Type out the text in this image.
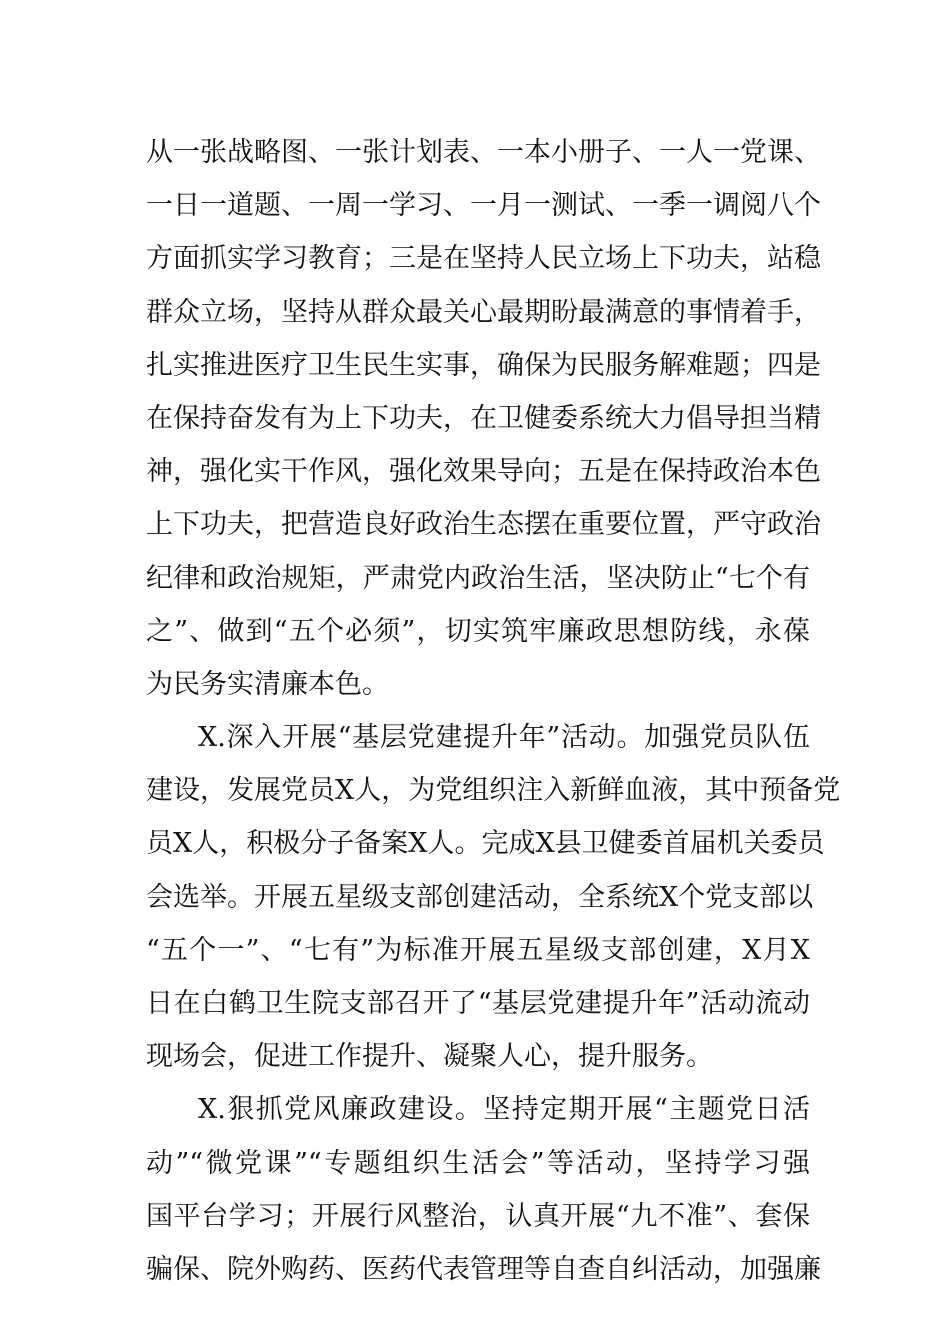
从一张战略图、一张计划表、一本小册子、一人一党课、
一日一道题、一周一学习、一月一测试、一季一调阅八个
方面抓实学习教育；三是在坚持人民立场上下功夫，站稳
群众立场，坚持从群众最关心最期盼最满意的事情着手，
扎实推进医疗卫生民生实事，确保为民服务解难题；四是
在保持奋发有为上下功夫，在卫健委系统大力倡导担当精
神，强化实干作风，强化效果导向；五是在保持政治本色
上下功夫，把营造良好政治生态摆在重要位置，严守政治
纪律和政治规矩，严肃党内政治生活，坚决防止“七个有
之”、做到“五个必须”，切实筑牢廉政思想防线，永葆
为民务实清廉本色。
X.深入开展“基层党建提升年”活动。加强党员队伍
建设，发展党员X人，为党组织注入新鲜血液，其中预备党
员X人，积极分子备案X人。完成X县卫健委首届机关委员
会选举。开展五星级支部创建活动，全系统X个党支部以
“五个一”、“七有”为标准开展五星级支部创建，X月X
日在白鹤卫生院支部召开了“基层党建提升年”活动流动
现场会，促进工作提升、凝聚人心，提升服务。
X.狠抓党风廉政建设。坚持定期开展“主题党日活
动”“微党课”“专题组织生活会”等活动，坚持学习强
国平台学习；开展行风整治，认真开展“九不准”、套保
骗保、院外购药、医药代表管理等自查自纠活动，加强廉
